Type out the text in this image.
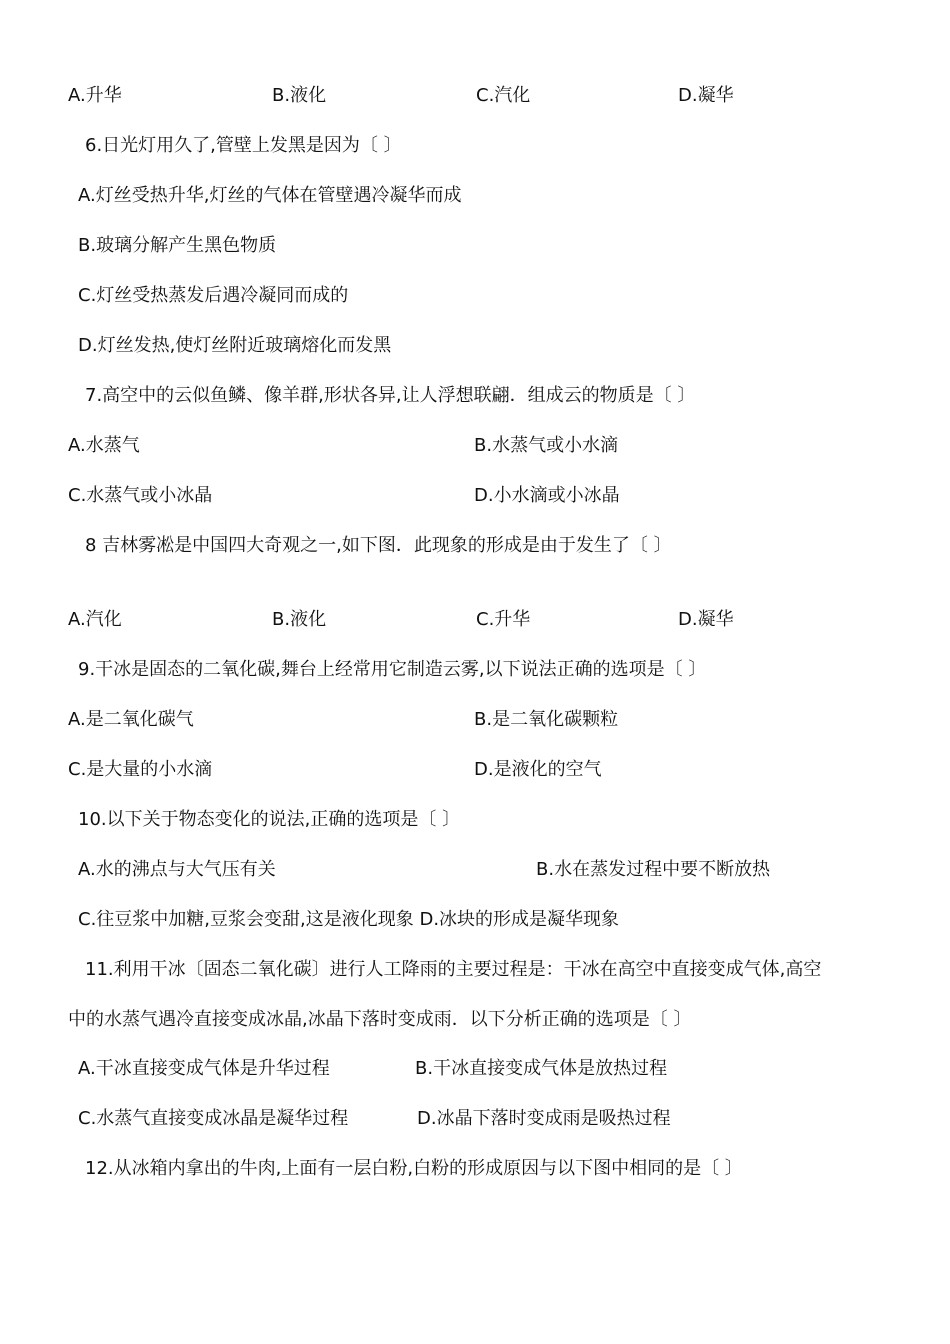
A.升华	B.液化	C.汽化	D.凝华
6.日光灯用久了,管壁上发黑是因为〔 〕
A.灯丝受热升华,灯丝的气体在管壁遇冷凝华而成
B.玻璃分解产生黑色物质
C.灯丝受热蒸发后遇冷凝同而成的
D.灯丝发热,使灯丝附近玻璃熔化而发黑
7.高空中的云似鱼鳞、像羊群,形状各异,让人浮想联翩．组成云的物质是〔 〕
A.水蒸气	B.水蒸气或小水滴
C.水蒸气或小冰晶	D.小水滴或小冰晶
8 吉林雾凇是中国四大奇观之一,如下图．此现象的形成是由于发生了〔 〕
A.汽化	B.液化	C.升华	D.凝华
9.干冰是固态的二氧化碳,舞台上经常用它制造云雾,以下说法正确的选项是〔 〕
A.是二氧化碳气	B.是二氧化碳颗粒
C.是大量的小水滴	D.是液化的空气
10.以下关于物态变化的说法,正确的选项是〔 〕
A.水的沸点与大气压有关	B.水在蒸发过程中要不断放热
C.往豆浆中加糖,豆浆会变甜,这是液化现象 D.冰块的形成是凝华现象
11.利用干冰〔固态二氧化碳〕进行人工降雨的主要过程是：干冰在高空中直接变成气体,高空
中的水蒸气遇冷直接变成冰晶,冰晶下落时变成雨．以下分析正确的选项是〔 〕
A.干冰直接变成气体是升华过程	B.干冰直接变成气体是放热过程
C.水蒸气直接变成冰晶是凝华过程	D.冰晶下落时变成雨是吸热过程
12.从冰箱内拿出的牛肉,上面有一层白粉,白粉的形成原因与以下图中相同的是〔 〕
